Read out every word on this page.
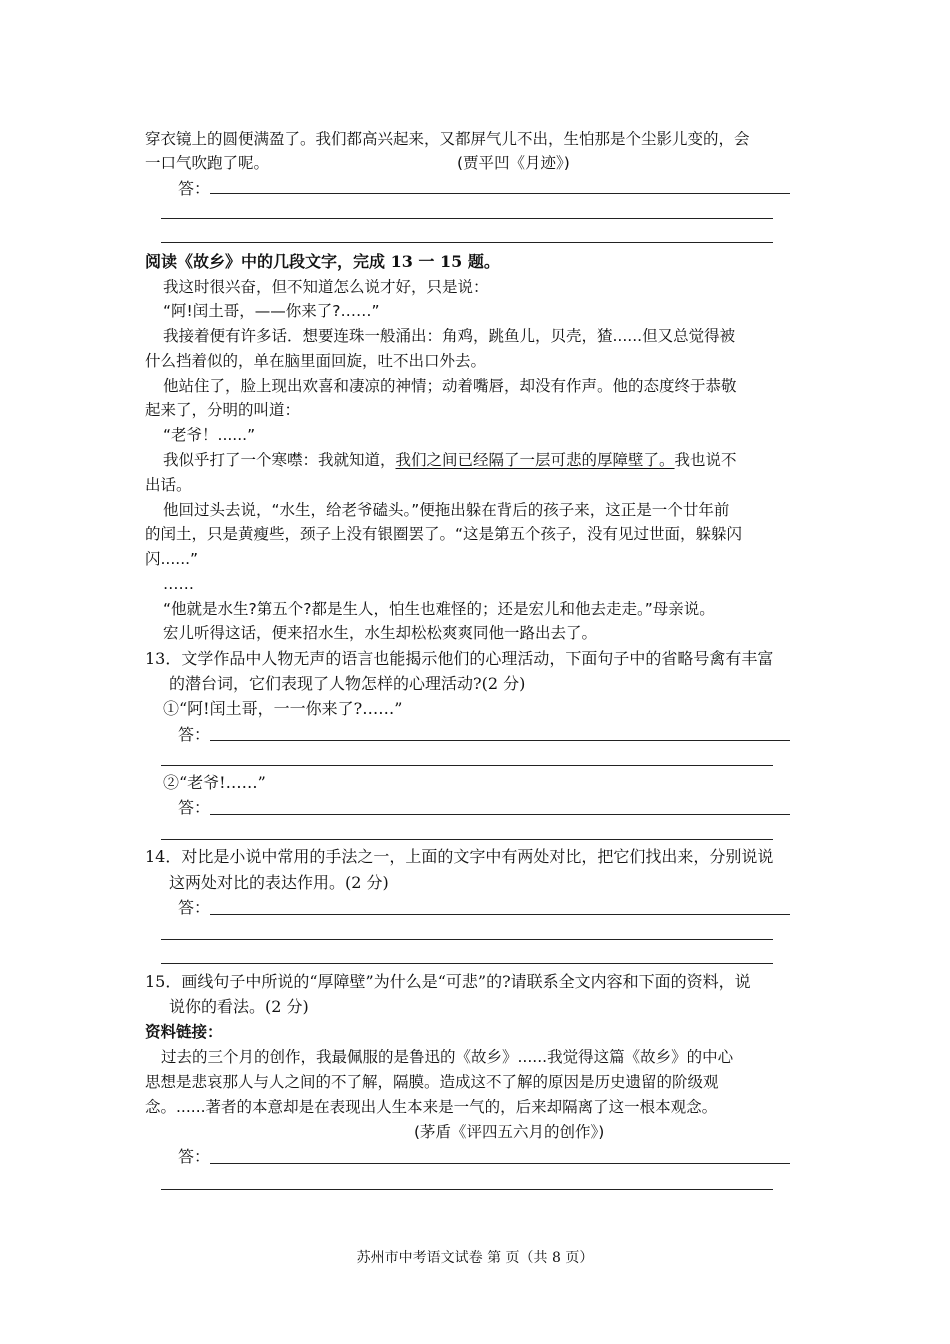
穿衣镜上的圆便满盈了。我们都高兴起来，又都屏气儿不出，生怕那是个尘影儿变的，会
一口气吹跑了呢。	(贾平凹《月迹》)
答：
阅读《故乡》中的几段文字，完成 13 一 15 题。
我这时很兴奋，但不知道怎么说才好，只是说：
“阿!闰土哥，——你来了?……”
我接着便有许多话．想要连珠一般涌出：角鸡，跳鱼儿，贝壳，猹......但又总觉得被
什么挡着似的，单在脑里面回旋，吐不出口外去。
他站住了，脸上现出欢喜和凄凉的神情；动着嘴唇，却没有作声。他的态度终于恭敬
起来了，分明的叫道：
“老爷！......”
我似乎打了一个寒噤：我就知道，我们之间已经隔了一层可悲的厚障壁了。我也说不
出话。
他回过头去说，“水生，给老爷磕头。”便拖出躲在背后的孩子来，这正是一个廿年前
的闰土，只是黄瘦些，颈子上没有银圈罢了。“这是第五个孩子，没有见过世面，躲躲闪
闪......”
……
“他就是水生?第五个?都是生人，怕生也难怪的；还是宏儿和他去走走。”母亲说。
宏儿听得这话，便来招水生，水生却松松爽爽同他一路出去了。
13．文学作品中人物无声的语言也能揭示他们的心理活动，下面句子中的省略号禽有丰富
的潜台词，它们表现了人物怎样的心理活动?(2 分)
①“阿!闰土哥，一一你来了?……”
答：
②“老爷!……”
答：
14．对比是小说中常用的手法之一，上面的文字中有两处对比，把它们找出来，分别说说
这两处对比的表达作用。(2 分)
答：
15．画线句子中所说的“厚障壁”为什么是“可悲”的?请联系全文内容和下面的资料，说
说你的看法。(2 分)
资料链接：
过去的三个月的创作，我最佩服的是鲁迅的《故乡》......我觉得这篇《故乡》的中心
思想是悲哀那人与人之间的不了解，隔膜。造成这不了解的原因是历史遗留的阶级观
念。......著者的本意却是在表现出人生本来是一气的，后来却隔离了这一根本观念。
(茅盾《评四五六月的创作》)
答：
苏州市中考语文试卷 第 页（共 8 页）
